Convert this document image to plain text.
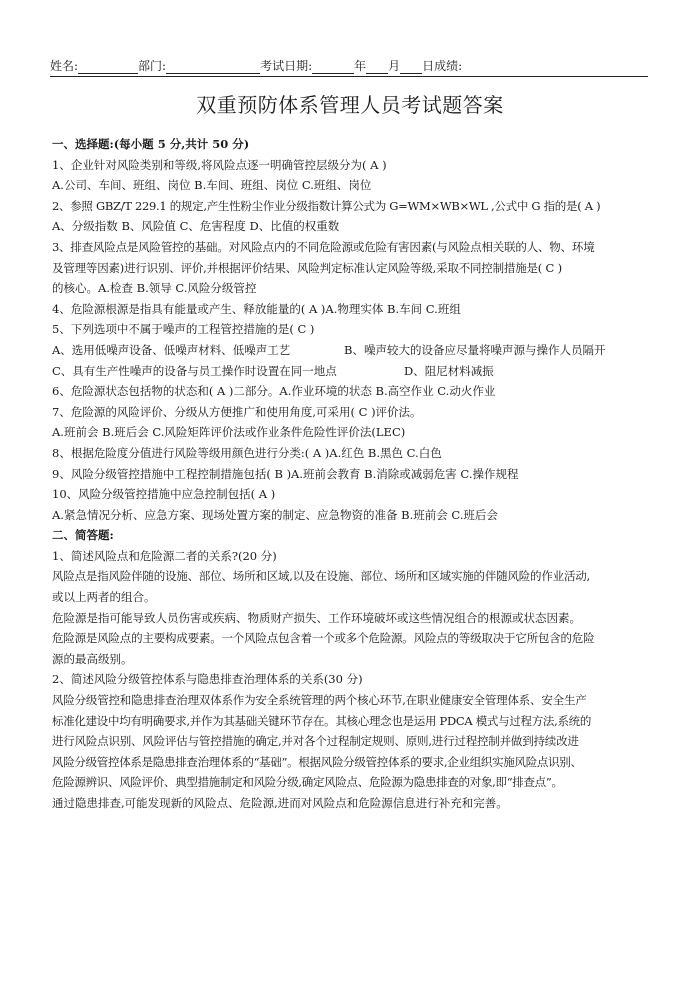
姓名:	部门:	考试日期:	年 月 日成绩:
双重预防体系管理人员考试题答案

一、选择题:(每小题 5 分,共计 50 分)

1、企业针对风险类别和等级,将风险点逐一明确管控层级分为( A )

A.公司、车间、班组、岗位 B.车间、班组、岗位 C.班组、岗位

2、参照 GBZ/T 229.1 的规定,产生性粉尘作业分级指数计算公式为 G=WM×WB×WL ,公式中 G 指的是( A )

A、分级指数 B、风险值 C、危害程度 D、比值的权重数

3、排查风险点是风险管控的基础。对风险点内的不同危险源或危险有害因素(与风险点相关联的人、物、环境

及管理等因素)进行识别、评价,并根据评价结果、风险判定标准认定风险等级,采取不同控制措施是( C )

的核心。A.检查 B.领导 C.风险分级管控

4、危险源根源是指具有能量或产生、释放能量的( A )A.物理实体 B.车间 C.班组

5、下列选项中不属于噪声的工程管控措施的是( C )

A、选用低噪声设备、低噪声材料、低噪声工艺	B、噪声较大的设备应尽量将噪声源与操作人员隔开

C、具有生产性噪声的设备与员工操作时设置在同一地点	D、阻尼材料减振

6、危险源状态包括物的状态和( A )二部分。A.作业环境的状态 B.高空作业 C.动火作业

7、危险源的风险评价、分级从方便推广和使用角度,可采用( C )评价法。

A.班前会 B.班后会 C.风险矩阵评价法或作业条件危险性评价法(LEC)

8、根据危险度分值进行风险等级用颜色进行分类:( A )A.红色 B.黑色 C.白色

9、风险分级管控措施中工程控制措施包括( B )A.班前会教育 B.消除或减弱危害 C.操作规程

10、风险分级管控措施中应急控制包括( A )

A.紧急情况分析、应急方案、现场处置方案的制定、应急物资的准备 B.班前会 C.班后会

二、简答题:

1、简述风险点和危险源二者的关系?(20 分)

风险点是指风险伴随的设施、部位、场所和区域,以及在设施、部位、场所和区域实施的伴随风险的作业活动,

或以上两者的组合。

危险源是指可能导致人员伤害或疾病、物质财产损失、工作环境破坏或这些情况组合的根源或状态因素。

危险源是风险点的主要构成要素。一个风险点包含着一个或多个危险源。风险点的等级取决于它所包含的危险

源的最高级别。

2、简述风险分级管控体系与隐患排查治理体系的关系(30 分)

风险分级管控和隐患排查治理双体系作为安全系统管理的两个核心环节,在职业健康安全管理体系、安全生产

标准化建设中均有明确要求,并作为其基础关键环节存在。其核心理念也是运用 PDCA 模式与过程方法,系统的

进行风险点识别、风险评估与管控措施的确定,并对各个过程制定规则、原则,进行过程控制并做到持续改进

风险分级管控体系是隐患排查治理体系的“基础”。根据风险分级管控体系的要求,企业组织实施风险点识别、

危险源辨识、风险评价、典型措施制定和风险分级,确定风险点、危险源为隐患排查的对象,即“排查点”。

通过隐患排查,可能发现新的风险点、危险源,进而对风险点和危险源信息进行补充和完善。
